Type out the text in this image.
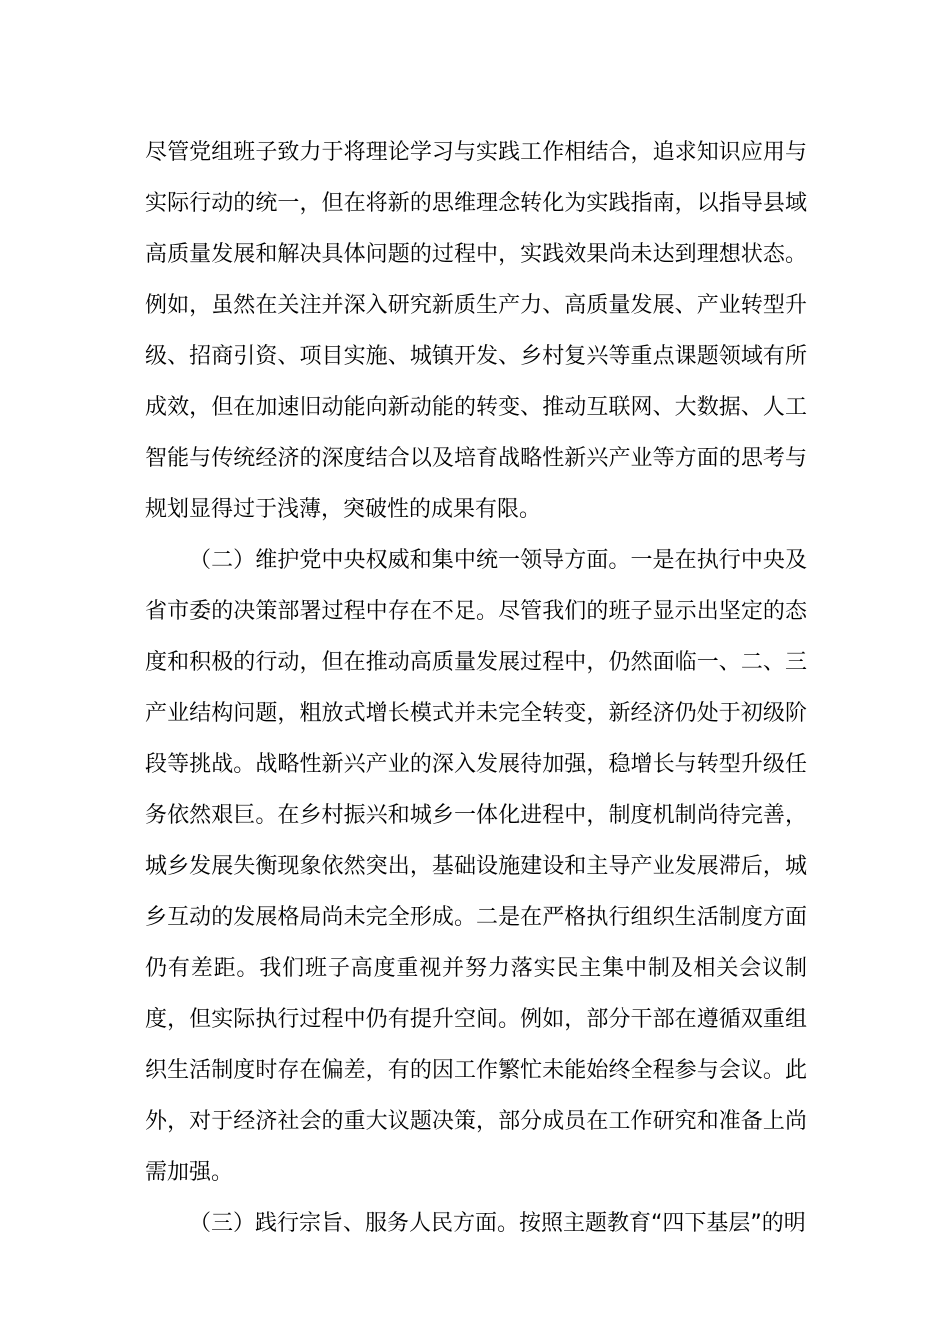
尽管党组班子致力于将理论学习与实践工作相结合，追求知识应用与实际行动的统一，但在将新的思维理念转化为实践指南，以指导县域高质量发展和解决具体问题的过程中，实践效果尚未达到理想状态。例如，虽然在关注并深入研究新质生产力、高质量发展、产业转型升级、招商引资、项目实施、城镇开发、乡村复兴等重点课题领域有所成效，但在加速旧动能向新动能的转变、推动互联网、大数据、人工智能与传统经济的深度结合以及培育战略性新兴产业等方面的思考与规划显得过于浅薄，突破性的成果有限。

（二）维护党中央权威和集中统一领导方面。一是在执行中央及省市委的决策部署过程中存在不足。尽管我们的班子显示出坚定的态度和积极的行动，但在推动高质量发展过程中，仍然面临一、二、三产业结构问题，粗放式增长模式并未完全转变，新经济仍处于初级阶段等挑战。战略性新兴产业的深入发展待加强，稳增长与转型升级任务依然艰巨。在乡村振兴和城乡一体化进程中，制度机制尚待完善，城乡发展失衡现象依然突出，基础设施建设和主导产业发展滞后，城乡互动的发展格局尚未完全形成。二是在严格执行组织生活制度方面仍有差距。我们班子高度重视并努力落实民主集中制及相关会议制度，但实际执行过程中仍有提升空间。例如，部分干部在遵循双重组织生活制度时存在偏差，有的因工作繁忙未能始终全程参与会议。此外，对于经济社会的重大议题决策，部分成员在工作研究和准备上尚需加强。

（三）践行宗旨、服务人民方面。按照主题教育“四下基层”的明
